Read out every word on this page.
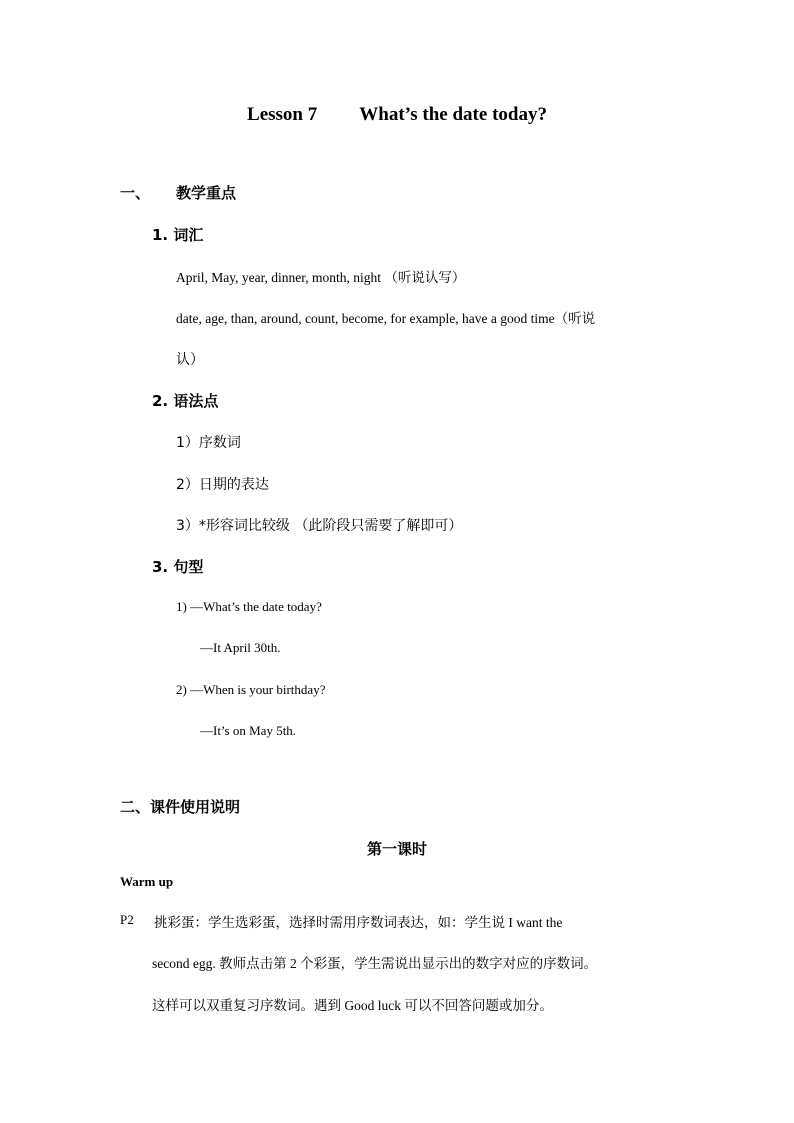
Lesson 7 What’s the date today?
一、 教学重点
1. 词汇
April, May, year, dinner, month, night （听说认写）
date, age, than, around, count, become, for example, have a good time（听说
认）
2. 语法点
1）序数词
2）日期的表达
3）*形容词比较级 （此阶段只需要了解即可）
3. 句型
1) —What’s the date today?
—It April 30th.
2) —When is your birthday?
—It’s on May 5th.
二、课件使用说明
第一课时
Warm up
P2 挑彩蛋：学生选彩蛋，选择时需用序数词表达，如：学生说 I want the
second egg. 教师点击第 2 个彩蛋，学生需说出显示出的数字对应的序数词。
这样可以双重复习序数词。遇到 Good luck 可以不回答问题或加分。
